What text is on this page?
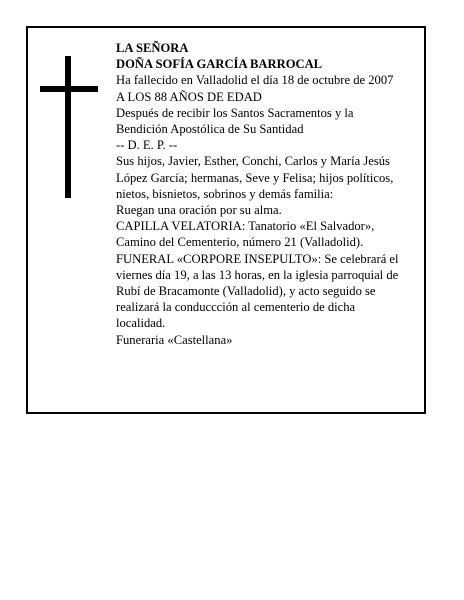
LA SEÑORA
DOÑA SOFÍA GARCÍA BARROCAL
Ha fallecido en Valladolid el día 18 de octubre de 2007
A LOS 88 AÑOS DE EDAD
Después de recibir los Santos Sacramentos y la
Bendición Apostólica de Su Santidad
-- D. E. P. --
Sus hijos, Javier, Esther, Conchi, Carlos y María Jesús
López García; hermanas, Seve y Felisa; hijos políticos,
nietos, bisnietos, sobrinos y demás familia:
Ruegan una oración por su alma.
CAPILLA VELATORIA: Tanatorio «El Salvador»,
Camino del Cementerio, número 21 (Valladolid).
FUNERAL «CORPORE INSEPULTO»: Se celebrará el
viernes día 19, a las 13 horas, en la iglesia parroquial de
Rubí de Bracamonte (Valladolid), y acto seguido se
realizará la conduccción al cementerio de dicha
localidad.
Funeraria «Castellana»
